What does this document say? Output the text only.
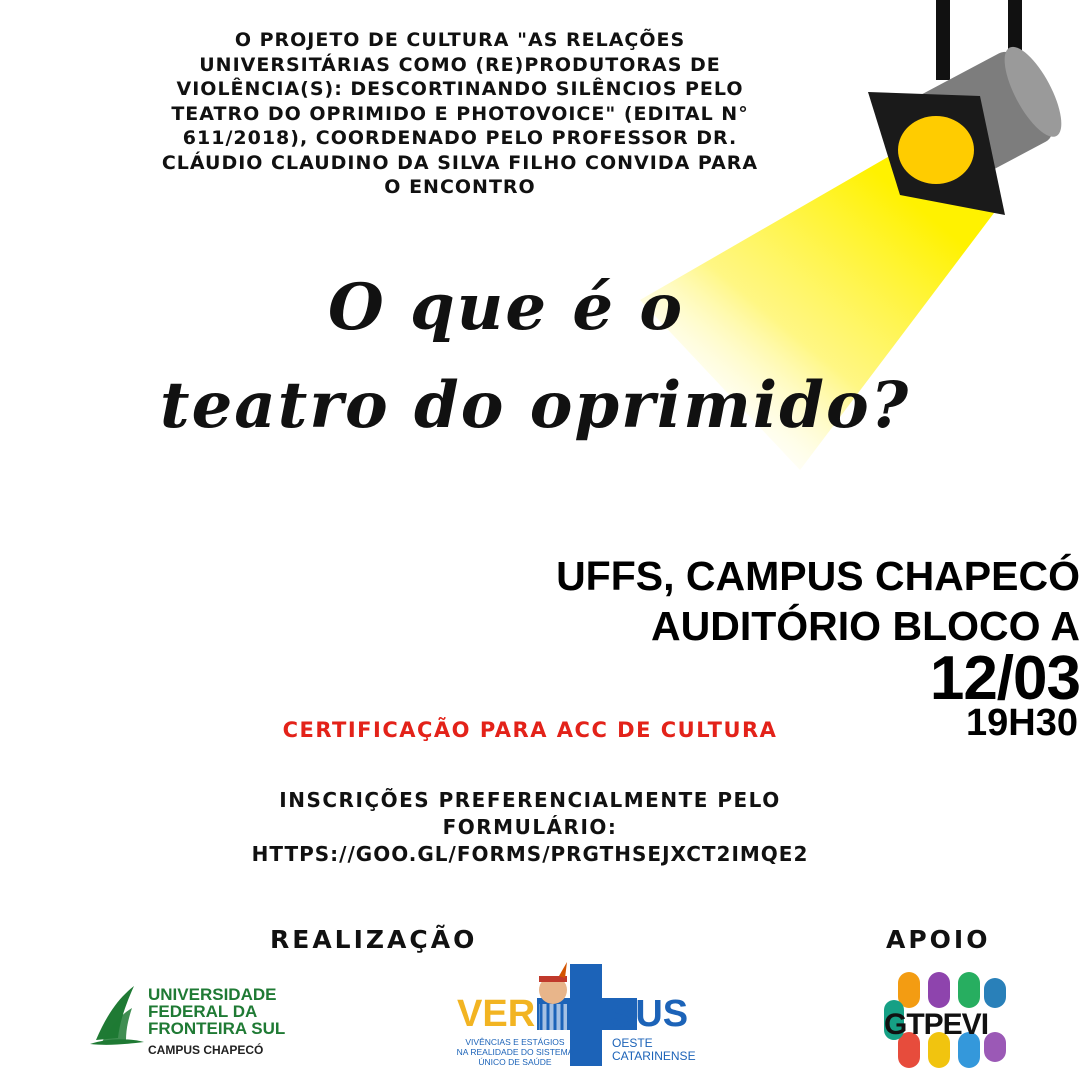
O PROJETO DE CULTURA "AS RELAÇÕES
UNIVERSITÁRIAS COMO (RE)PRODUTORAS DE
VIOLÊNCIA(S): DESCORTINANDO SILÊNCIOS PELO
TEATRO DO OPRIMIDO E PHOTOVOICE" (EDITAL N°
611/2018), COORDENADO PELO PROFESSOR DR.
CLÁUDIO CLAUDINO DA SILVA FILHO CONVIDA PARA
O ENCONTRO
O que é o
teatro do oprimido?
UFFS, CAMPUS CHAPECÓ
AUDITÓRIO BLOCO A
12/03
19H30
CERTIFICAÇÃO PARA ACC DE CULTURA
INSCRIÇÕES PREFERENCIALMENTE PELO
FORMULÁRIO:
HTTPS://GOO.GL/FORMS/PRGTHSEJXCT2IMQE2
REALIZAÇÃO	APOIO
UNIVERSIDADE
FEDERAL DA
FRONTEIRA SUL
CAMPUS CHAPECÓ
VER SUS
VIVÊNCIAS E ESTÁGIOS
NA REALIDADE DO SISTEMA
ÚNICO DE SAÚDE
OESTE
CATARINENSE
GTPEVI
